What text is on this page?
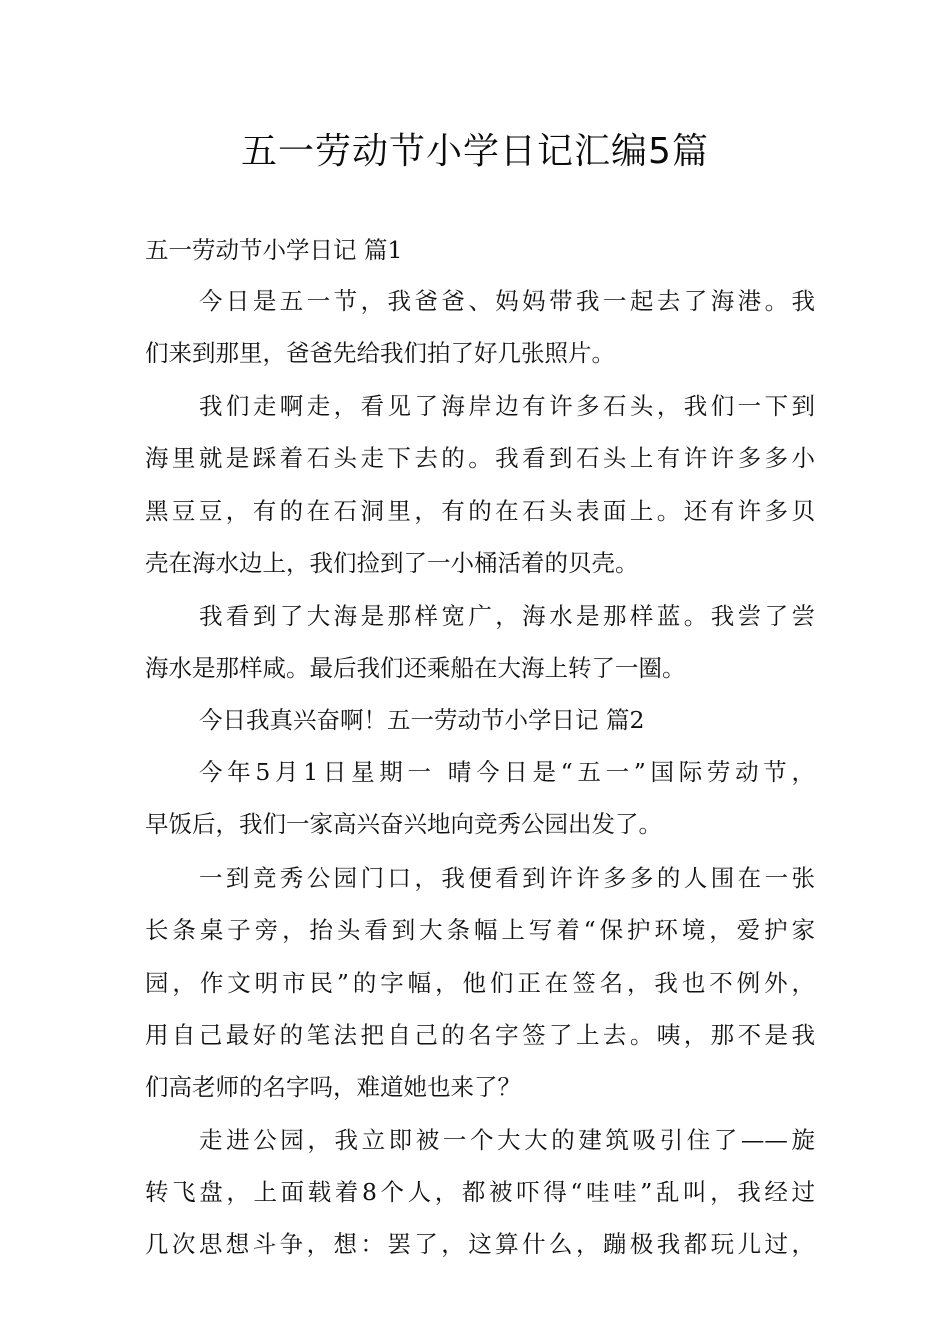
五一劳动节小学日记汇编5篇
五一劳动节小学日记 篇1
今日是五一节，我爸爸、妈妈带我一起去了海港。我
们来到那里，爸爸先给我们拍了好几张照片。
我们走啊走，看见了海岸边有许多石头，我们一下到
海里就是踩着石头走下去的。我看到石头上有许许多多小
黑豆豆，有的在石洞里，有的在石头表面上。还有许多贝
壳在海水边上，我们捡到了一小桶活着的贝壳。
我看到了大海是那样宽广，海水是那样蓝。我尝了尝
海水是那样咸。最后我们还乘船在大海上转了一圈。
今日我真兴奋啊！五一劳动节小学日记 篇2
今年5月1日星期一 晴今日是“五一”国际劳动节，
早饭后，我们一家高兴奋兴地向竞秀公园出发了。
一到竞秀公园门口，我便看到许许多多的人围在一张
长条桌子旁，抬头看到大条幅上写着“保护环境，爱护家
园，作文明市民”的字幅，他们正在签名，我也不例外，
用自己最好的笔法把自己的名字签了上去。咦，那不是我
们高老师的名字吗，难道她也来了？
走进公园，我立即被一个大大的建筑吸引住了——旋
转飞盘，上面载着8个人，都被吓得“哇哇”乱叫，我经过
几次思想斗争，想：罢了，这算什么，蹦极我都玩儿过，
